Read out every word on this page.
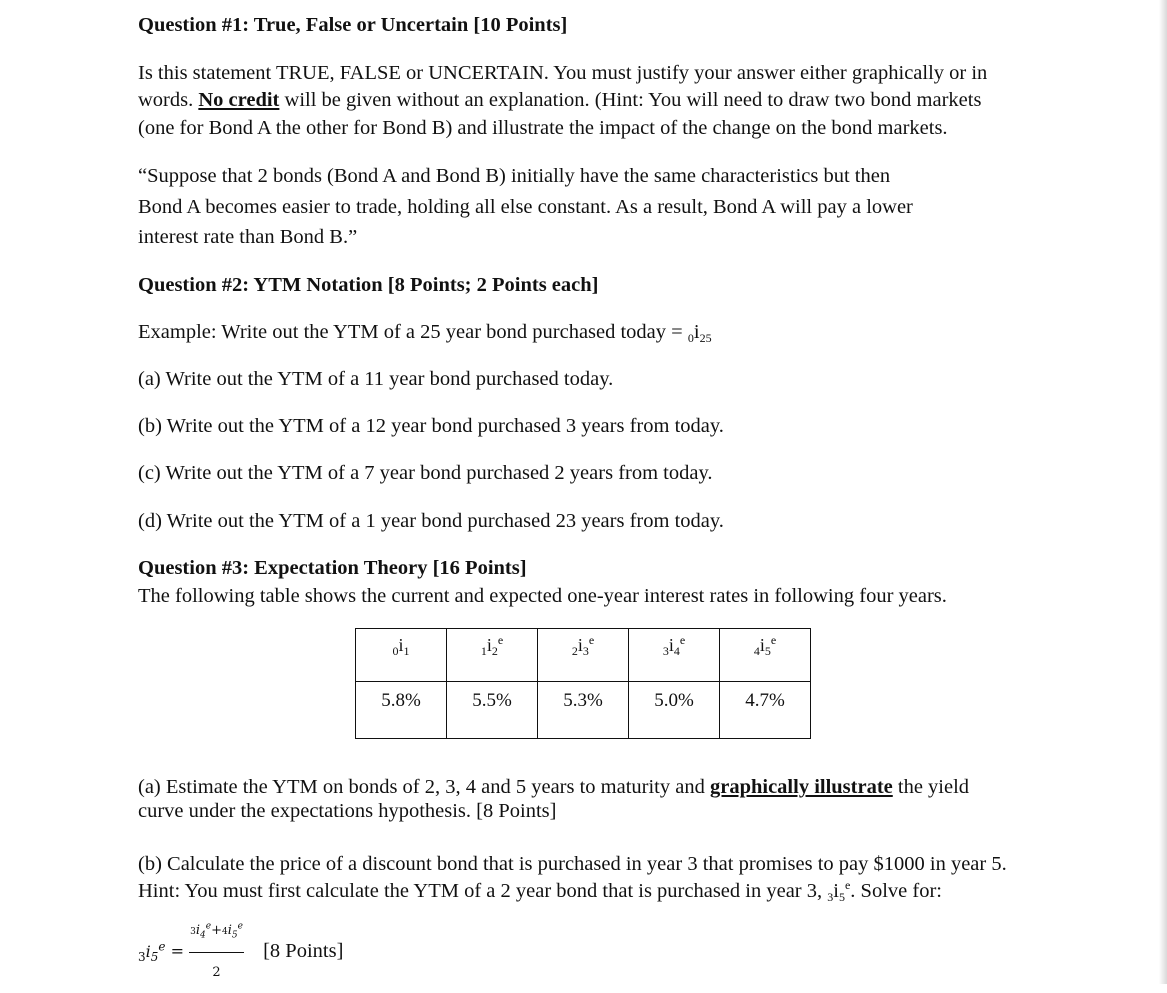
Question #1: True, False or Uncertain [10 Points]
Is this statement TRUE, FALSE or UNCERTAIN. You must justify your answer either graphically or in
words. No credit will be given without an explanation. (Hint: You will need to draw two bond markets
(one for Bond A the other for Bond B) and illustrate the impact of the change on the bond markets.
“Suppose that 2 bonds (Bond A and Bond B) initially have the same characteristics but then
Bond A becomes easier to trade, holding all else constant. As a result, Bond A will pay a lower
interest rate than Bond B.”
Question #2: YTM Notation [8 Points; 2 Points each]
Example: Write out the YTM of a 25 year bond purchased today = 0i25
(a) Write out the YTM of a 11 year bond purchased today.
(b) Write out the YTM of a 12 year bond purchased 3 years from today.
(c) Write out the YTM of a 7 year bond purchased 2 years from today.
(d) Write out the YTM of a 1 year bond purchased 23 years from today.
Question #3: Expectation Theory [16 Points]
The following table shows the current and expected one-year interest rates in following four years.
$_0i_1$	$_1i_2^e$	$_2i_3^e$	$_3i_4^e$	$_4i_5^e$
5.8%	5.5%	5.3%	5.0%	4.7%
(a) Estimate the YTM on bonds of 2, 3, 4 and 5 years to maturity and graphically illustrate the yield
curve under the expectations hypothesis. [8 Points]
(b) Calculate the price of a discount bond that is purchased in year 3 that promises to pay $1000 in year 5.
Hint: You must first calculate the YTM of a 2 year bond that is purchased in year 3, 3i5e. Solve for:
$_3i_5^e = \frac{3i_4^e+4i_5^e}{2} [8$ Points]
